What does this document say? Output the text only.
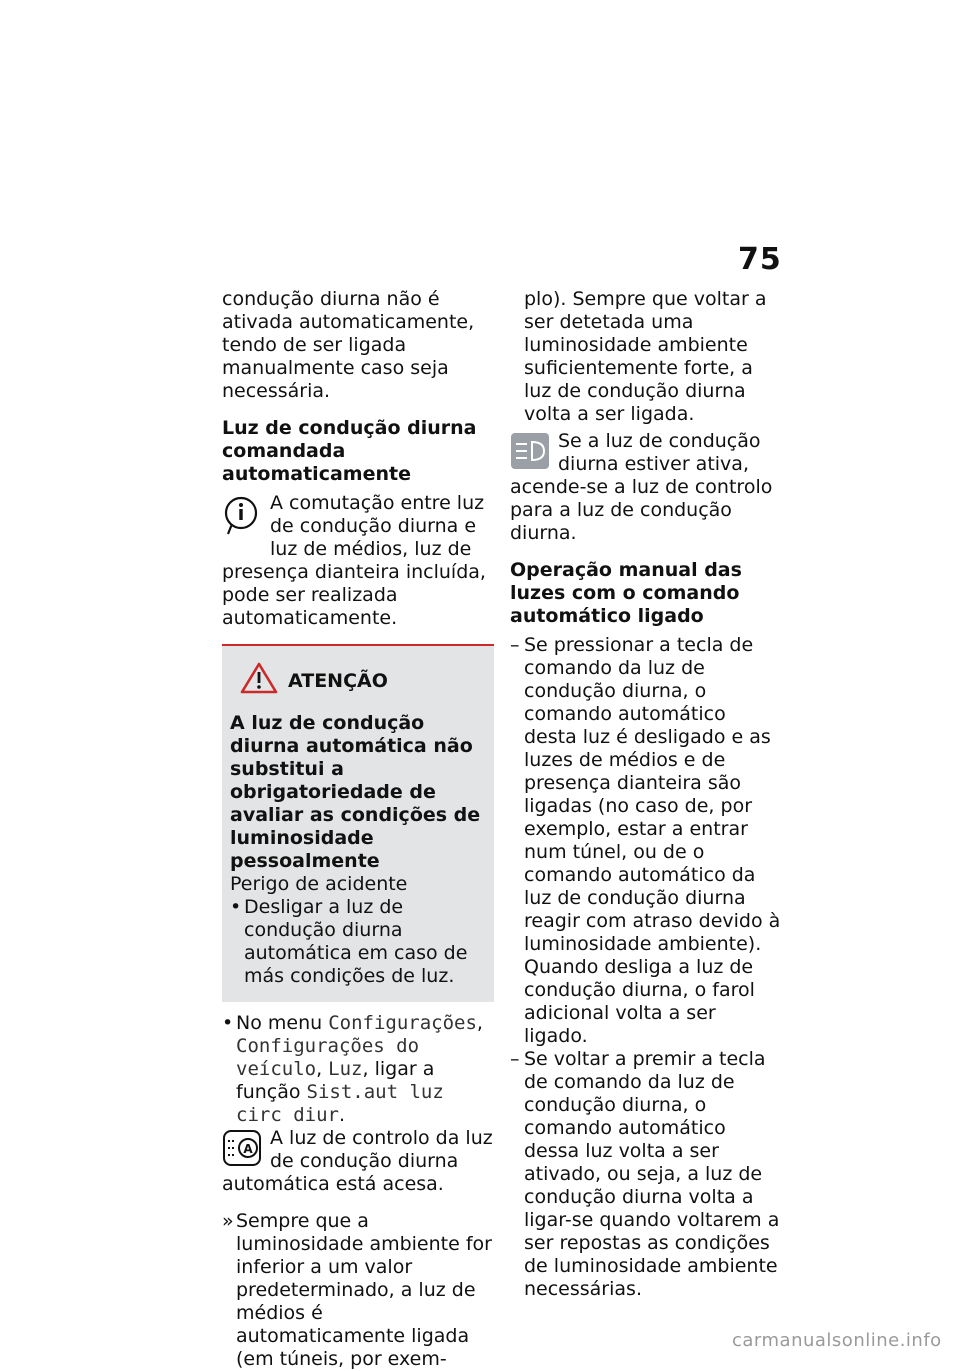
75

condução diurna não é ativada automaticamente, tendo de ser ligada manualmente caso seja necessária.

Luz de condução diurna comandada automaticamente

A comutação entre luz de condução diurna e luz de médios, luz de presença dianteira incluída, pode ser realizada automaticamente.
ATENÇÃO

A luz de condução diurna automática não substitui a obrigatoriedade de avaliar as condições de luminosidade pessoalmente

Perigo de acidente

• Desligar a luz de condução diurna automática em caso de más condições de luz.
• No menu Configurações, Configurações do veículo, Luz, ligar a função Sist.aut luz circ diur.
A A luz de controlo da luz de condução diurna automática está acesa.
» Sempre que a luminosidade ambiente for inferior a um valor predeterminado, a luz de médios é automaticamente ligada (em túneis, por exem-

plo). Sempre que voltar a ser detetada uma luminosidade ambiente suficientemente forte, a luz de condução diurna volta a ser ligada.

Se a luz de condução diurna estiver ativa, acende-se a luz de controlo para a luz de condução diurna.

Operação manual das luzes com o comando automático ligado

– Se pressionar a tecla de comando da luz de condução diurna, o comando automático desta luz é desligado e as luzes de médios e de presença dianteira são ligadas (no caso de, por exemplo, estar a entrar num túnel, ou de o comando automático da luz de condução diurna reagir com atraso devido à luminosidade ambiente). Quando desliga a luz de condução diurna, o farol adicional volta a ser ligado.
– Se voltar a premir a tecla de comando da luz de condução diurna, o comando automático dessa luz volta a ser ativado, ou seja, a luz de condução diurna volta a ligar-se quando voltarem a ser repostas as condições de luminosidade ambiente necessárias.
carmanualsonline.info
